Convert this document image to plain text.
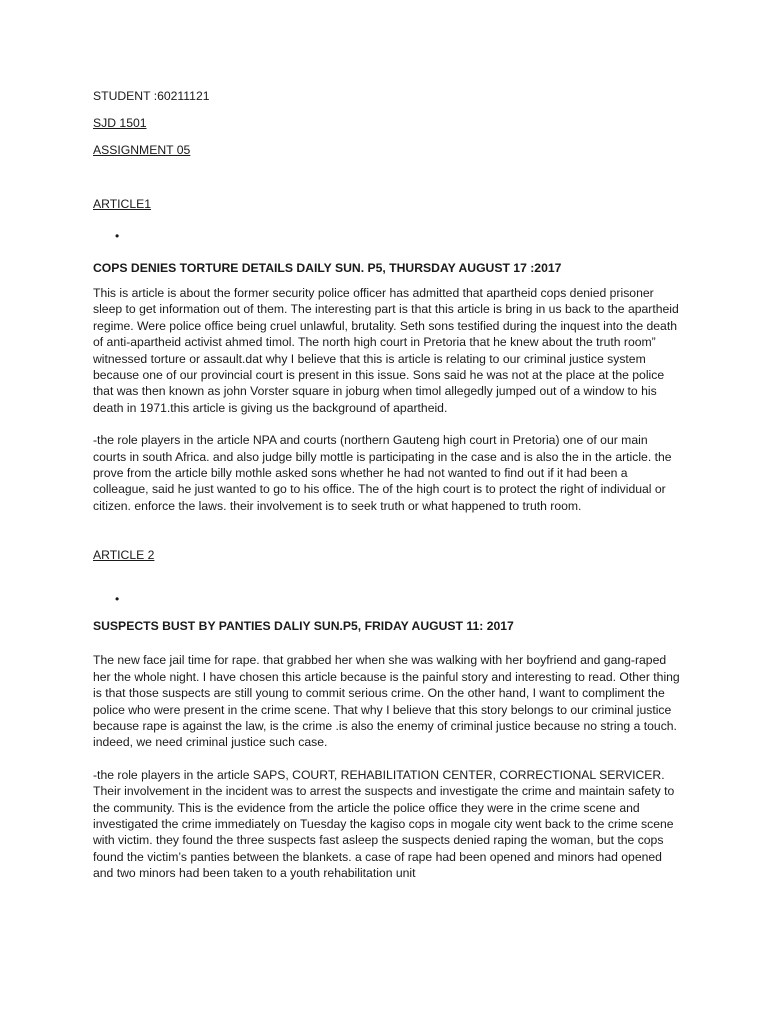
STUDENT :60211121

SJD 1501

ASSIGNMENT 05

ARTICLE1

•

COPS DENIES TORTURE DETAILS DAILY SUN. P5, THURSDAY AUGUST 17 :2017

This is article is about the former security police officer has admitted that apartheid cops denied prisoner sleep to get information out of them. The interesting part is that this article is bring in us back to the apartheid regime. Were police office being cruel unlawful, brutality. Seth sons testified during the inquest into the death of anti-apartheid activist ahmed timol. The north high court in Pretoria that he knew about the truth room” witnessed torture or assault.dat why I believe that this is article is relating to our criminal justice system because one of our provincial court is present in this issue. Sons said he was not at the place at the police that was then known as john Vorster square in joburg when timol allegedly jumped out of a window to his death in 1971.this article is giving us the background of apartheid.

-the role players in the article NPA and courts (northern Gauteng high court in Pretoria) one of our main courts in south Africa. and also judge billy mottle is participating in the case and is also the in the article. the prove from the article billy mothle asked sons whether he had not wanted to find out if it had been a colleague, said he just wanted to go to his office. The of the high court is to protect the right of individual or citizen. enforce the laws. their involvement is to seek truth or what happened to truth room.

ARTICLE 2

•

SUSPECTS BUST BY PANTIES DALIY SUN.P5, FRIDAY AUGUST 11: 2017

The new face jail time for rape. that grabbed her when she was walking with her boyfriend and gang-raped her the whole night. I have chosen this article because is the painful story and interesting to read. Other thing is that those suspects are still young to commit serious crime. On the other hand, I want to compliment the police who were present in the crime scene. That why I believe that this story belongs to our criminal justice because rape is against the law, is the crime .is also the enemy of criminal justice because no string a touch. indeed, we need criminal justice such case.

-the role players in the article SAPS, COURT, REHABILITATION CENTER, CORRECTIONAL SERVICER. Their involvement in the incident was to arrest the suspects and investigate the crime and maintain safety to the community. This is the evidence from the article the police office they were in the crime scene and investigated the crime immediately on Tuesday the kagiso cops in mogale city went back to the crime scene with victim. they found the three suspects fast asleep the suspects denied raping the woman, but the cops found the victim’s panties between the blankets. a case of rape had been opened and minors had opened and two minors had been taken to a youth rehabilitation unit
